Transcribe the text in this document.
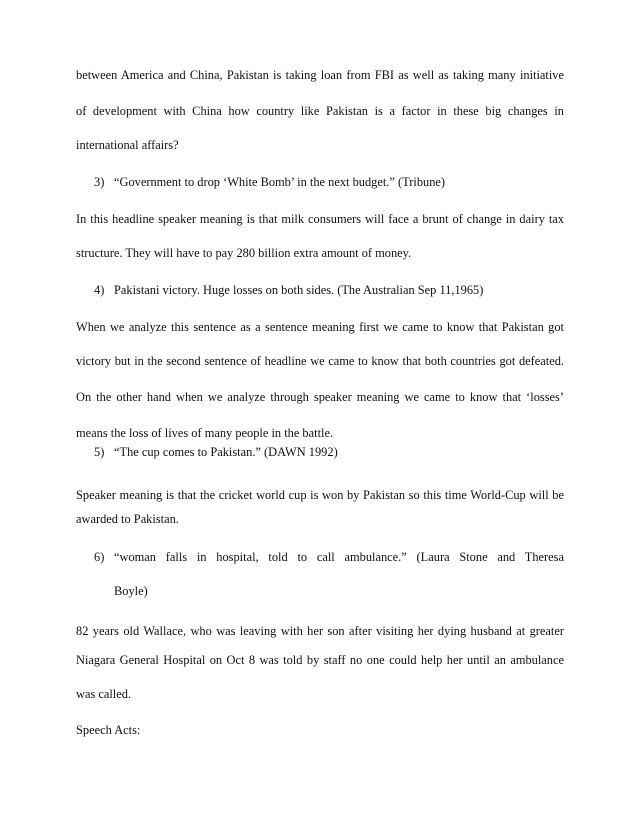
between America and China, Pakistan is taking loan from FBI as well as taking many initiative
of development with China how country like Pakistan is a factor in these big changes in
international affairs?
3) “Government to drop ‘White Bomb’ in the next budget.” (Tribune)
In this headline speaker meaning is that milk consumers will face a brunt of change in dairy tax
structure. They will have to pay 280 billion extra amount of money.
4) Pakistani victory. Huge losses on both sides. (The Australian Sep 11,1965)
When we analyze this sentence as a sentence meaning first we came to know that Pakistan got
victory but in the second sentence of headline we came to know that both countries got defeated.
On the other hand when we analyze through speaker meaning we came to know that ‘losses’
means the loss of lives of many people in the battle.
5) “The cup comes to Pakistan.” (DAWN 1992)
Speaker meaning is that the cricket world cup is won by Pakistan so this time World-Cup will be
awarded to Pakistan.
6) “woman falls in hospital, told to call ambulance.” (Laura Stone and Theresa
Boyle)
82 years old Wallace, who was leaving with her son after visiting her dying husband at greater
Niagara General Hospital on Oct 8 was told by staff no one could help her until an ambulance
was called.
Speech Acts:
